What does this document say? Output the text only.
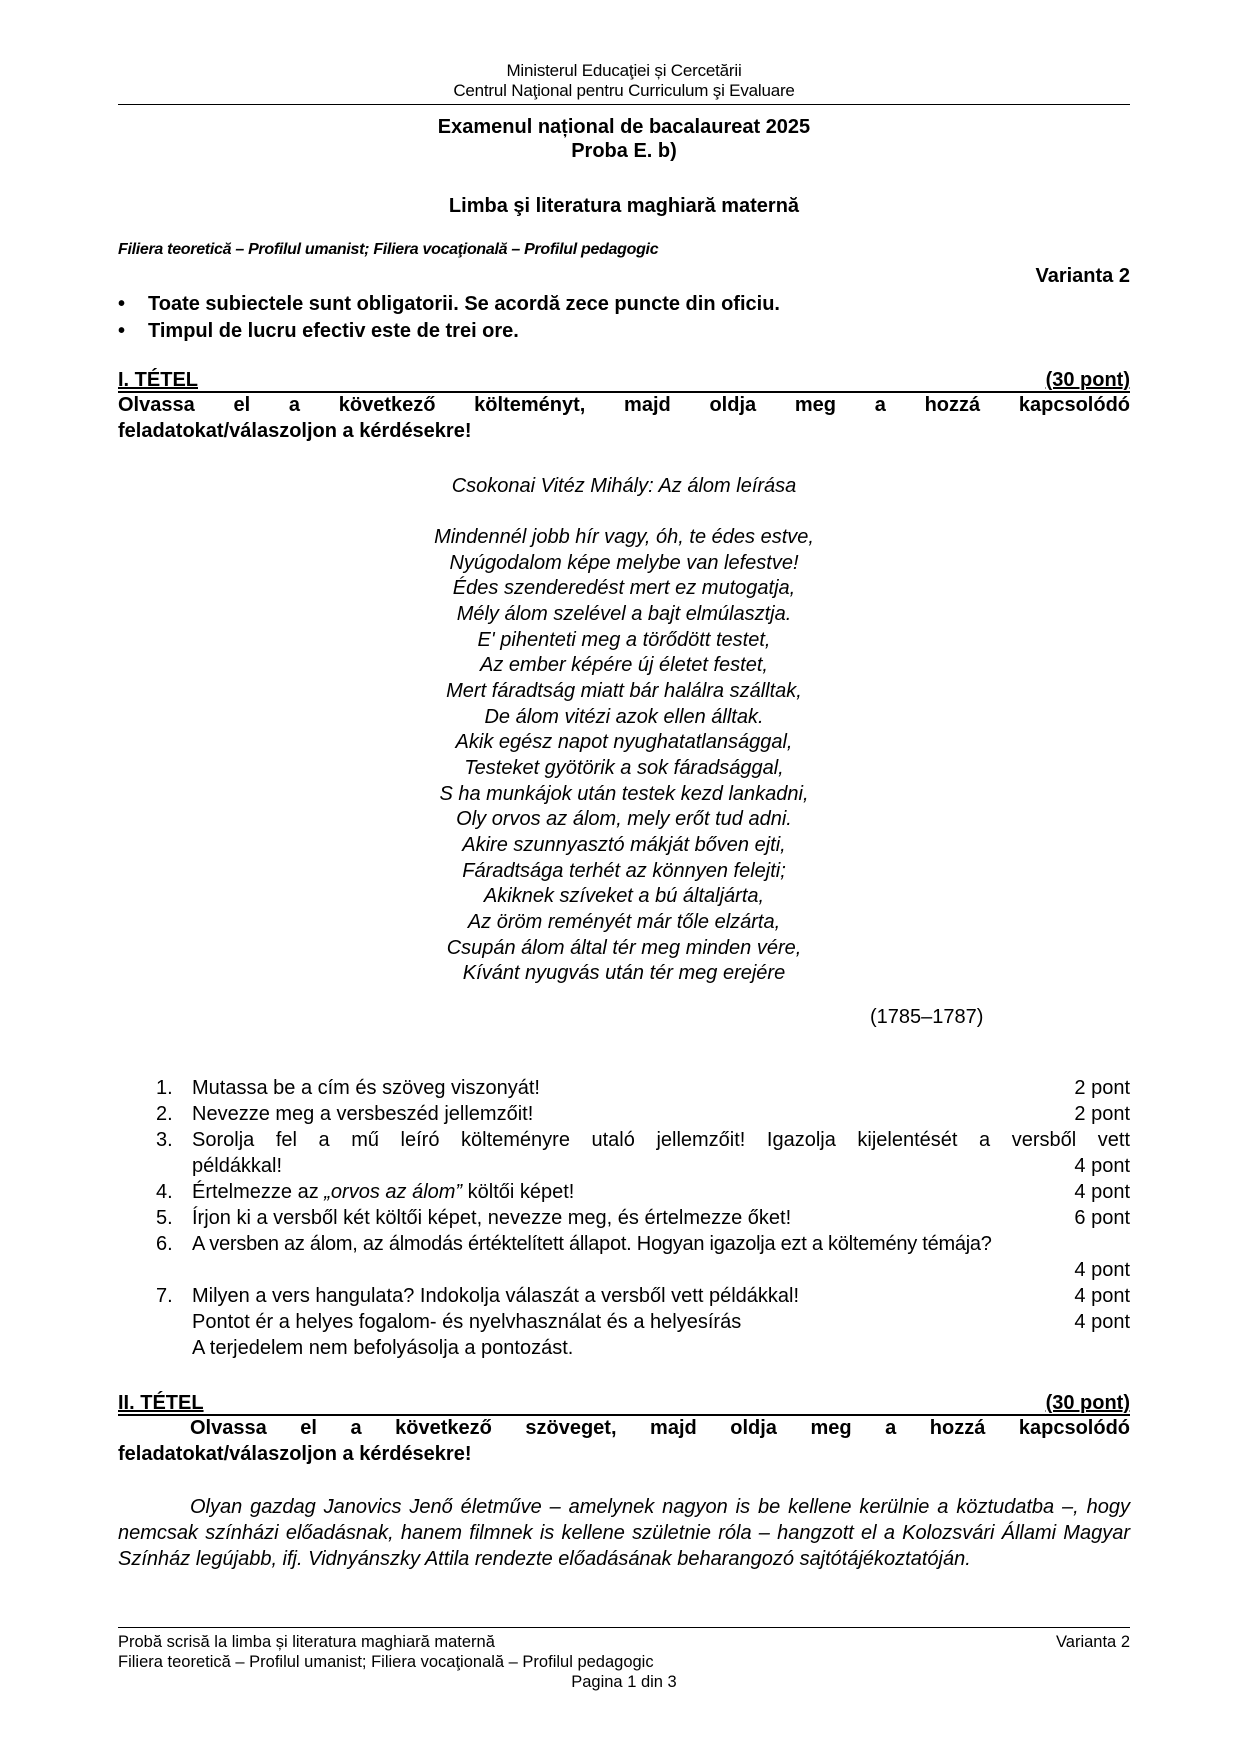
Ministerul Educaţiei și Cercetării
Centrul Naţional pentru Curriculum şi Evaluare
Examenul național de bacalaureat 2025
Proba E. b)
Limba şi literatura maghiară maternă
Filiera teoretică – Profilul umanist; Filiera vocaţională – Profilul pedagogic
Varianta 2
• Toate subiectele sunt obligatorii. Se acordă zece puncte din oficiu.
• Timpul de lucru efectiv este de trei ore.
I. TÉTEL	(30 pont)
Olvassa el a következő költeményt, majd oldja meg a hozzá kapcsolódó
feladatokat/válaszoljon a kérdésekre!
Csokonai Vitéz Mihály: Az álom leírása
Mindennél jobb hír vagy, óh, te édes estve,
Nyúgodalom képe melybe van lefestve!
Édes szenderedést mert ez mutogatja,
Mély álom szelével a bajt elmúlasztja.
E' pihenteti meg a törődött testet,
Az ember képére új életet festet,
Mert fáradtság miatt bár halálra szálltak,
De álom vitézi azok ellen álltak.
Akik egész napot nyughatatlansággal,
Testeket gyötörik a sok fáradsággal,
S ha munkájok után testek kezd lankadni,
Oly orvos az álom, mely erőt tud adni.
Akire szunnyasztó mákját bőven ejti,
Fáradtsága terhét az könnyen felejti;
Akiknek szíveket a bú általjárta,
Az öröm reményét már tőle elzárta,
Csupán álom által tér meg minden vére,
Kívánt nyugvás után tér meg erejére
(1785–1787)
1. Mutassa be a cím és szöveg viszonyát!	2 pont
2. Nevezze meg a versbeszéd jellemzőit!	2 pont
3. Sorolja fel a mű leíró költeményre utaló jellemzőit! Igazolja kijelentését a versből vett
példákkal!	4 pont
4. Értelmezze az „orvos az álom” költői képet!	4 pont
5. Írjon ki a versből két költői képet, nevezze meg, és értelmezze őket!	6 pont
6. A versben az álom, az álmodás értéktelített állapot. Hogyan igazolja ezt a költemény témája?
4 pont
7. Milyen a vers hangulata? Indokolja válaszát a versből vett példákkal!	4 pont
Pontot ér a helyes fogalom- és nyelvhasználat és a helyesírás	4 pont
A terjedelem nem befolyásolja a pontozást.
II. TÉTEL	(30 pont)
Olvassa el a következő szöveget, majd oldja meg a hozzá kapcsolódó
feladatokat/válaszoljon a kérdésekre!
Olyan gazdag Janovics Jenő életműve – amelynek nagyon is be kellene kerülnie a köztudatba –, hogy nemcsak színházi előadásnak, hanem filmnek is kellene születnie róla – hangzott el a Kolozsvári Állami Magyar Színház legújabb, ifj. Vidnyánszky Attila rendezte előadásának beharangozó sajtótájékoztatóján.
Probă scrisă la limba și literatura maghiară maternă	Varianta 2
Filiera teoretică – Profilul umanist; Filiera vocaţională – Profilul pedagogic
Pagina 1 din 3
